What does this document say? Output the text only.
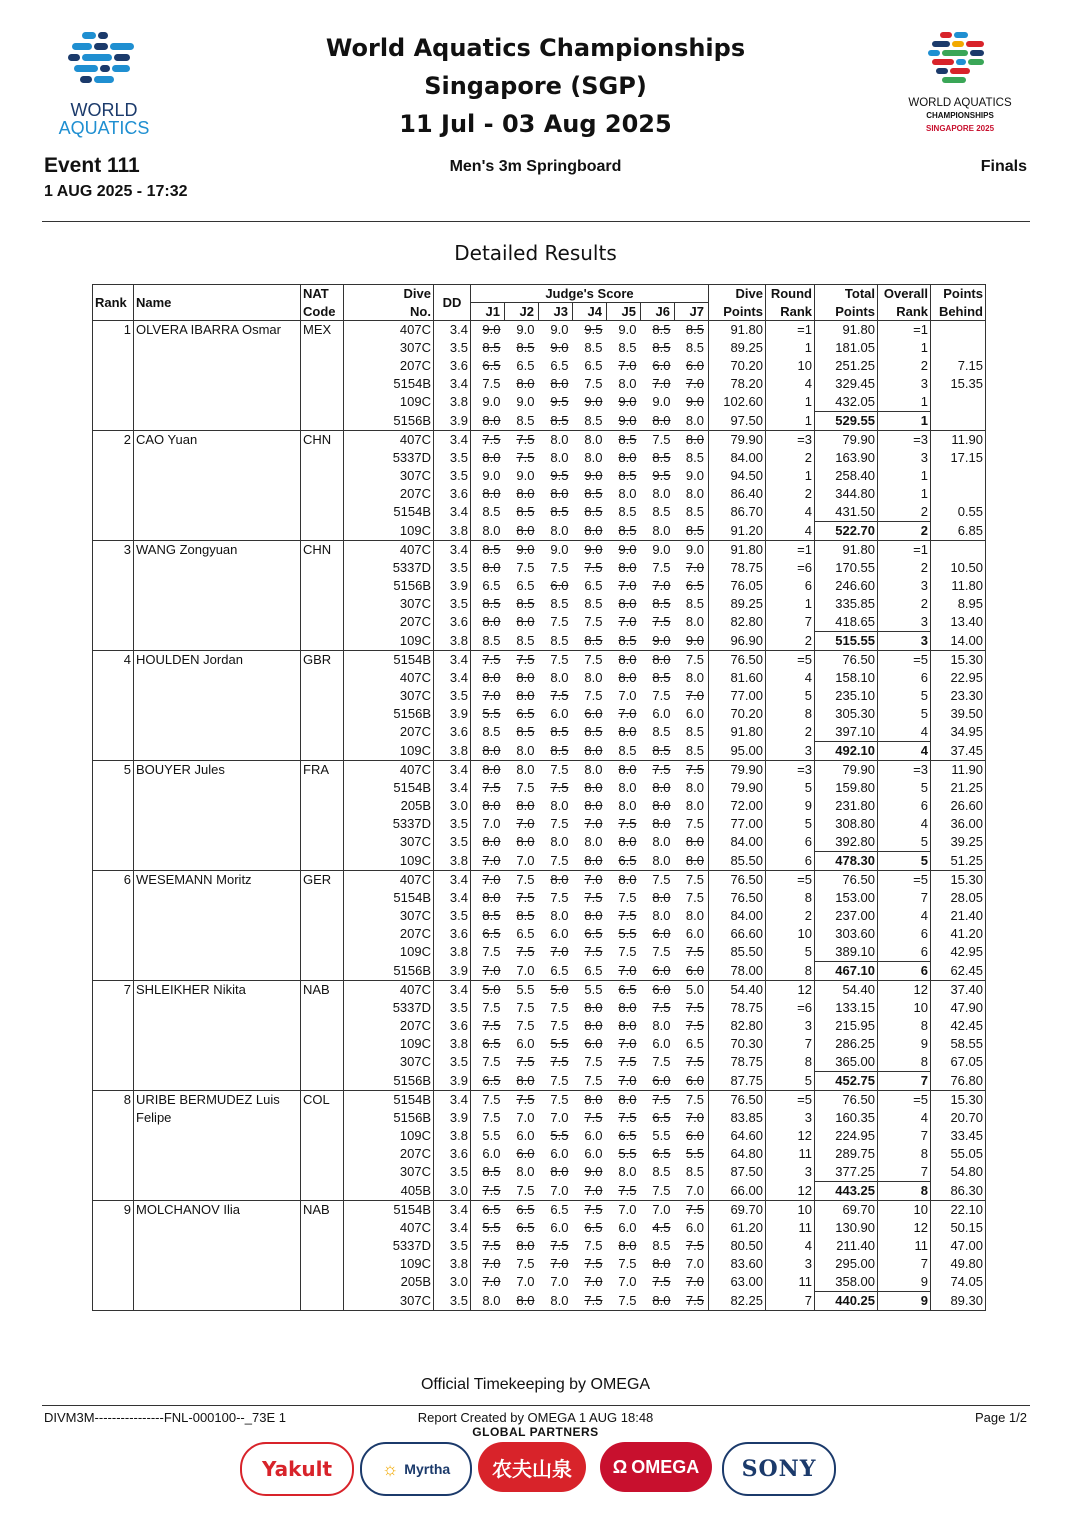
WORLD
AQUATICS
WORLD AQUATICS
CHAMPIONSHIPS
SINGAPORE 2025
World Aquatics Championships
Singapore (SGP)
11 Jul - 03 Aug 2025
Event 111
1 AUG 2025 - 17:32
Men's 3m Springboard	Finals
Detailed Results
Rank	Name	NAT	Dive	DD	Judge's Score							Dive	Round	Total	Overall	Points
		Code	No.		J1	J2	J3	J4	J5	J6	J7	Points	Rank	Points	Rank	Behind
1	OLVERA IBARRA Osmar	MEX	407C	3.4	9.0	9.0	9.0	9.5	9.0	8.5	8.5	91.80	=1	91.80	=1	
			307C	3.5	8.5	8.5	9.0	8.5	8.5	8.5	8.5	89.25	1	181.05	1	
			207C	3.6	6.5	6.5	6.5	6.5	7.0	6.0	6.0	70.20	10	251.25	2	7.15
			5154B	3.4	7.5	8.0	8.0	7.5	8.0	7.0	7.0	78.20	4	329.45	3	15.35
			109C	3.8	9.0	9.0	9.5	9.0	9.0	9.0	9.0	102.60	1	432.05	1	
			5156B	3.9	8.0	8.5	8.5	8.5	9.0	8.0	8.0	97.50	1	529.55	1	
2	CAO Yuan	CHN	407C	3.4	7.5	7.5	8.0	8.0	8.5	7.5	8.0	79.90	=3	79.90	=3	11.90
			5337D	3.5	8.0	7.5	8.0	8.0	8.0	8.5	8.5	84.00	2	163.90	3	17.15
			307C	3.5	9.0	9.0	9.5	9.0	8.5	9.5	9.0	94.50	1	258.40	1	
			207C	3.6	8.0	8.0	8.0	8.5	8.0	8.0	8.0	86.40	2	344.80	1	
			5154B	3.4	8.5	8.5	8.5	8.5	8.5	8.5	8.5	86.70	4	431.50	2	0.55
			109C	3.8	8.0	8.0	8.0	8.0	8.5	8.0	8.5	91.20	4	522.70	2	6.85
3	WANG Zongyuan	CHN	407C	3.4	8.5	9.0	9.0	9.0	9.0	9.0	9.0	91.80	=1	91.80	=1	
			5337D	3.5	8.0	7.5	7.5	7.5	8.0	7.5	7.0	78.75	=6	170.55	2	10.50
			5156B	3.9	6.5	6.5	6.0	6.5	7.0	7.0	6.5	76.05	6	246.60	3	11.80
			307C	3.5	8.5	8.5	8.5	8.5	8.0	8.5	8.5	89.25	1	335.85	2	8.95
			207C	3.6	8.0	8.0	7.5	7.5	7.0	7.5	8.0	82.80	7	418.65	3	13.40
			109C	3.8	8.5	8.5	8.5	8.5	8.5	9.0	9.0	96.90	2	515.55	3	14.00
4	HOULDEN Jordan	GBR	5154B	3.4	7.5	7.5	7.5	7.5	8.0	8.0	7.5	76.50	=5	76.50	=5	15.30
			407C	3.4	8.0	8.0	8.0	8.0	8.0	8.5	8.0	81.60	4	158.10	6	22.95
			307C	3.5	7.0	8.0	7.5	7.5	7.0	7.5	7.0	77.00	5	235.10	5	23.30
			5156B	3.9	5.5	6.5	6.0	6.0	7.0	6.0	6.0	70.20	8	305.30	5	39.50
			207C	3.6	8.5	8.5	8.5	8.5	8.0	8.5	8.5	91.80	2	397.10	4	34.95
			109C	3.8	8.0	8.0	8.5	8.0	8.5	8.5	8.5	95.00	3	492.10	4	37.45
5	BOUYER Jules	FRA	407C	3.4	8.0	8.0	7.5	8.0	8.0	7.5	7.5	79.90	=3	79.90	=3	11.90
			5154B	3.4	7.5	7.5	7.5	8.0	8.0	8.0	8.0	79.90	5	159.80	5	21.25
			205B	3.0	8.0	8.0	8.0	8.0	8.0	8.0	8.0	72.00	9	231.80	6	26.60
			5337D	3.5	7.0	7.0	7.5	7.0	7.5	8.0	7.5	77.00	5	308.80	4	36.00
			307C	3.5	8.0	8.0	8.0	8.0	8.0	8.0	8.0	84.00	6	392.80	5	39.25
			109C	3.8	7.0	7.0	7.5	8.0	6.5	8.0	8.0	85.50	6	478.30	5	51.25
6	WESEMANN Moritz	GER	407C	3.4	7.0	7.5	8.0	7.0	8.0	7.5	7.5	76.50	=5	76.50	=5	15.30
			5154B	3.4	8.0	7.5	7.5	7.5	7.5	8.0	7.5	76.50	8	153.00	7	28.05
			307C	3.5	8.5	8.5	8.0	8.0	7.5	8.0	8.0	84.00	2	237.00	4	21.40
			207C	3.6	6.5	6.5	6.0	6.5	5.5	6.0	6.0	66.60	10	303.60	6	41.20
			109C	3.8	7.5	7.5	7.0	7.5	7.5	7.5	7.5	85.50	5	389.10	6	42.95
			5156B	3.9	7.0	7.0	6.5	6.5	7.0	6.0	6.0	78.00	8	467.10	6	62.45
7	SHLEIKHER Nikita	NAB	407C	3.4	5.0	5.5	5.0	5.5	6.5	6.0	5.0	54.40	12	54.40	12	37.40
			5337D	3.5	7.5	7.5	7.5	8.0	8.0	7.5	7.5	78.75	=6	133.15	10	47.90
			207C	3.6	7.5	7.5	7.5	8.0	8.0	8.0	7.5	82.80	3	215.95	8	42.45
			109C	3.8	6.5	6.0	5.5	6.0	7.0	6.0	6.5	70.30	7	286.25	9	58.55
			307C	3.5	7.5	7.5	7.5	7.5	7.5	7.5	7.5	78.75	8	365.00	8	67.05
			5156B	3.9	6.5	8.0	7.5	7.5	7.0	6.0	6.0	87.75	5	452.75	7	76.80
8	URIBE BERMUDEZ Luis	COL	5154B	3.4	7.5	7.5	7.5	8.0	8.0	7.5	7.5	76.50	=5	76.50	=5	15.30
	Felipe		5156B	3.9	7.5	7.0	7.0	7.5	7.5	6.5	7.0	83.85	3	160.35	4	20.70
			109C	3.8	5.5	6.0	5.5	6.0	6.5	5.5	6.0	64.60	12	224.95	7	33.45
			207C	3.6	6.0	6.0	6.0	6.0	5.5	6.5	5.5	64.80	11	289.75	8	55.05
			307C	3.5	8.5	8.0	8.0	9.0	8.0	8.5	8.5	87.50	3	377.25	7	54.80
			405B	3.0	7.5	7.5	7.0	7.0	7.5	7.5	7.0	66.00	12	443.25	8	86.30
9	MOLCHANOV Ilia	NAB	5154B	3.4	6.5	6.5	6.5	7.5	7.0	7.0	7.5	69.70	10	69.70	10	22.10
			407C	3.4	5.5	6.5	6.0	6.5	6.0	4.5	6.0	61.20	11	130.90	12	50.15
			5337D	3.5	7.5	8.0	7.5	7.5	8.0	8.5	7.5	80.50	4	211.40	11	47.00
			109C	3.8	7.0	7.5	7.0	7.5	7.5	8.0	7.0	83.60	3	295.00	7	49.80
			205B	3.0	7.0	7.0	7.0	7.0	7.0	7.5	7.0	63.00	11	358.00	9	74.05
			307C	3.5	8.0	8.0	8.0	7.5	7.5	8.0	7.5	82.25	7	440.25	9	89.30
Official Timekeeping by OMEGA
DIVM3M----------------FNL-000100--_73E 1	Report Created by OMEGA 1 AUG 18:48	Page 1/2
GLOBAL PARTNERS
Yakult	☼ Myrtha	农夫山泉	Ω OMEGA	SONY
